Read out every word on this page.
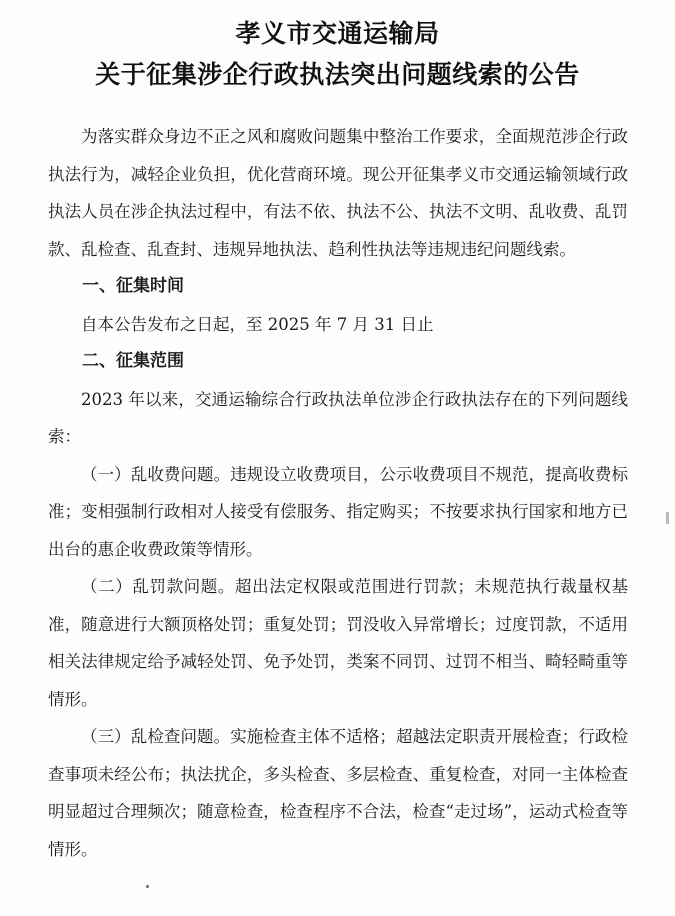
孝义市交通运输局
关于征集涉企行政执法突出问题线索的公告

为落实群众身边不正之风和腐败问题集中整治工作要求，全面规范涉企行政执法行为，减轻企业负担，优化营商环境。现公开征集孝义市交通运输领域行政执法人员在涉企执法过程中，有法不依、执法不公、执法不文明、乱收费、乱罚款、乱检查、乱查封、违规异地执法、趋利性执法等违规违纪问题线索。

一、征集时间

自本公告发布之日起，至 2025 年 7 月 31 日止

二、征集范围

2023 年以来，交通运输综合行政执法单位涉企行政执法存在的下列问题线索：

（一）乱收费问题。违规设立收费项目，公示收费项目不规范，提高收费标准；变相强制行政相对人接受有偿服务、指定购买；不按要求执行国家和地方已出台的惠企收费政策等情形。

（二）乱罚款问题。超出法定权限或范围进行罚款；未规范执行裁量权基准，随意进行大额顶格处罚；重复处罚；罚没收入异常增长；过度罚款，不适用相关法律规定给予减轻处罚、免予处罚，类案不同罚、过罚不相当、畸轻畸重等情形。

（三）乱检查问题。实施检查主体不适格；超越法定职责开展检查；行政检查事项未经公布；执法扰企，多头检查、多层检查、重复检查，对同一主体检查明显超过合理频次；随意检查，检查程序不合法，检查“走过场”，运动式检查等情形。
